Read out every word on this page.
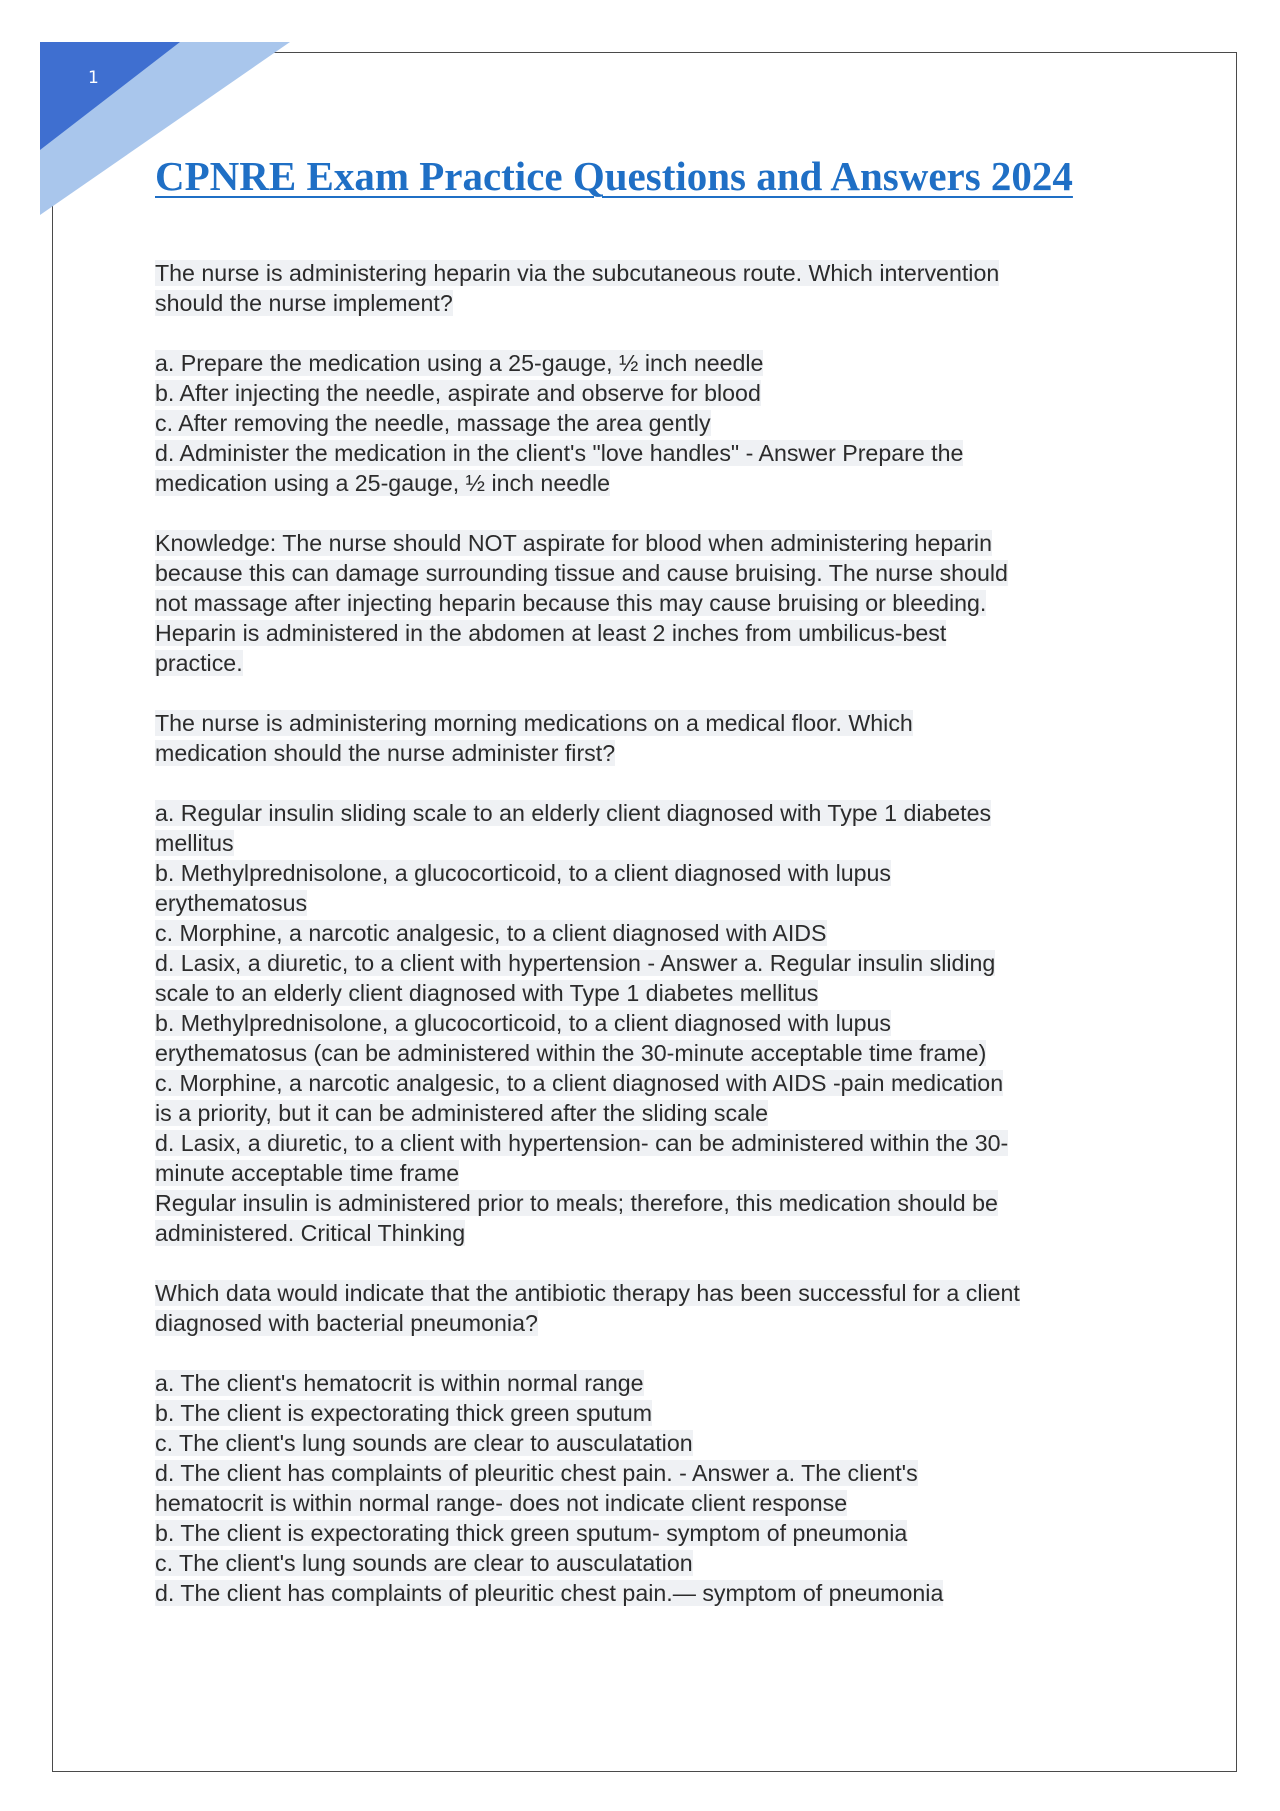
1
CPNRE Exam Practice Questions and Answers 2024
The nurse is administering heparin via the subcutaneous route. Which intervention
should the nurse implement?
a. Prepare the medication using a 25-gauge, ½ inch needle
b. After injecting the needle, aspirate and observe for blood
c. After removing the needle, massage the area gently
d. Administer the medication in the client's "love handles" - Answer Prepare the
medication using a 25-gauge, ½ inch needle
Knowledge: The nurse should NOT aspirate for blood when administering heparin
because this can damage surrounding tissue and cause bruising. The nurse should
not massage after injecting heparin because this may cause bruising or bleeding.
Heparin is administered in the abdomen at least 2 inches from umbilicus-best
practice.
The nurse is administering morning medications on a medical floor. Which
medication should the nurse administer first?
a. Regular insulin sliding scale to an elderly client diagnosed with Type 1 diabetes
mellitus
b. Methylprednisolone, a glucocorticoid, to a client diagnosed with lupus
erythematosus
c. Morphine, a narcotic analgesic, to a client diagnosed with AIDS
d. Lasix, a diuretic, to a client with hypertension - Answer a. Regular insulin sliding
scale to an elderly client diagnosed with Type 1 diabetes mellitus
b. Methylprednisolone, a glucocorticoid, to a client diagnosed with lupus
erythematosus (can be administered within the 30-minute acceptable time frame)
c. Morphine, a narcotic analgesic, to a client diagnosed with AIDS -pain medication
is a priority, but it can be administered after the sliding scale
d. Lasix, a diuretic, to a client with hypertension- can be administered within the 30-
minute acceptable time frame
Regular insulin is administered prior to meals; therefore, this medication should be
administered. Critical Thinking
Which data would indicate that the antibiotic therapy has been successful for a client
diagnosed with bacterial pneumonia?
a. The client's hematocrit is within normal range
b. The client is expectorating thick green sputum
c. The client's lung sounds are clear to ausculatation
d. The client has complaints of pleuritic chest pain. - Answer a. The client's
hematocrit is within normal range- does not indicate client response
b. The client is expectorating thick green sputum- symptom of pneumonia
c. The client's lung sounds are clear to ausculatation
d. The client has complaints of pleuritic chest pain.— symptom of pneumonia
